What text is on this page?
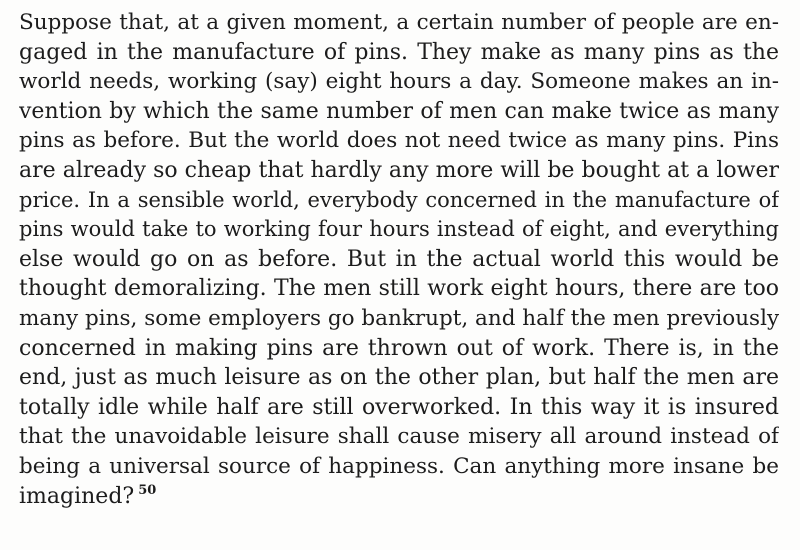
Suppose that, at a given moment, a certain number of people are en-
gaged in the manufacture of pins. They make as many pins as the
world needs, working (say) eight hours a day. Someone makes an in-
vention by which the same number of men can make twice as many
pins as before. But the world does not need twice as many pins. Pins
are already so cheap that hardly any more will be bought at a lower
price. In a sensible world, everybody concerned in the manufacture of
pins would take to working four hours instead of eight, and everything
else would go on as before. But in the actual world this would be
thought demoralizing. The men still work eight hours, there are too
many pins, some employers go bankrupt, and half the men previously
concerned in making pins are thrown out of work. There is, in the
end, just as much leisure as on the other plan, but half the men are
totally idle while half are still overworked. In this way it is insured
that the unavoidable leisure shall cause misery all around instead of
being a universal source of happiness. Can anything more insane be
imagined? $^{50}$
